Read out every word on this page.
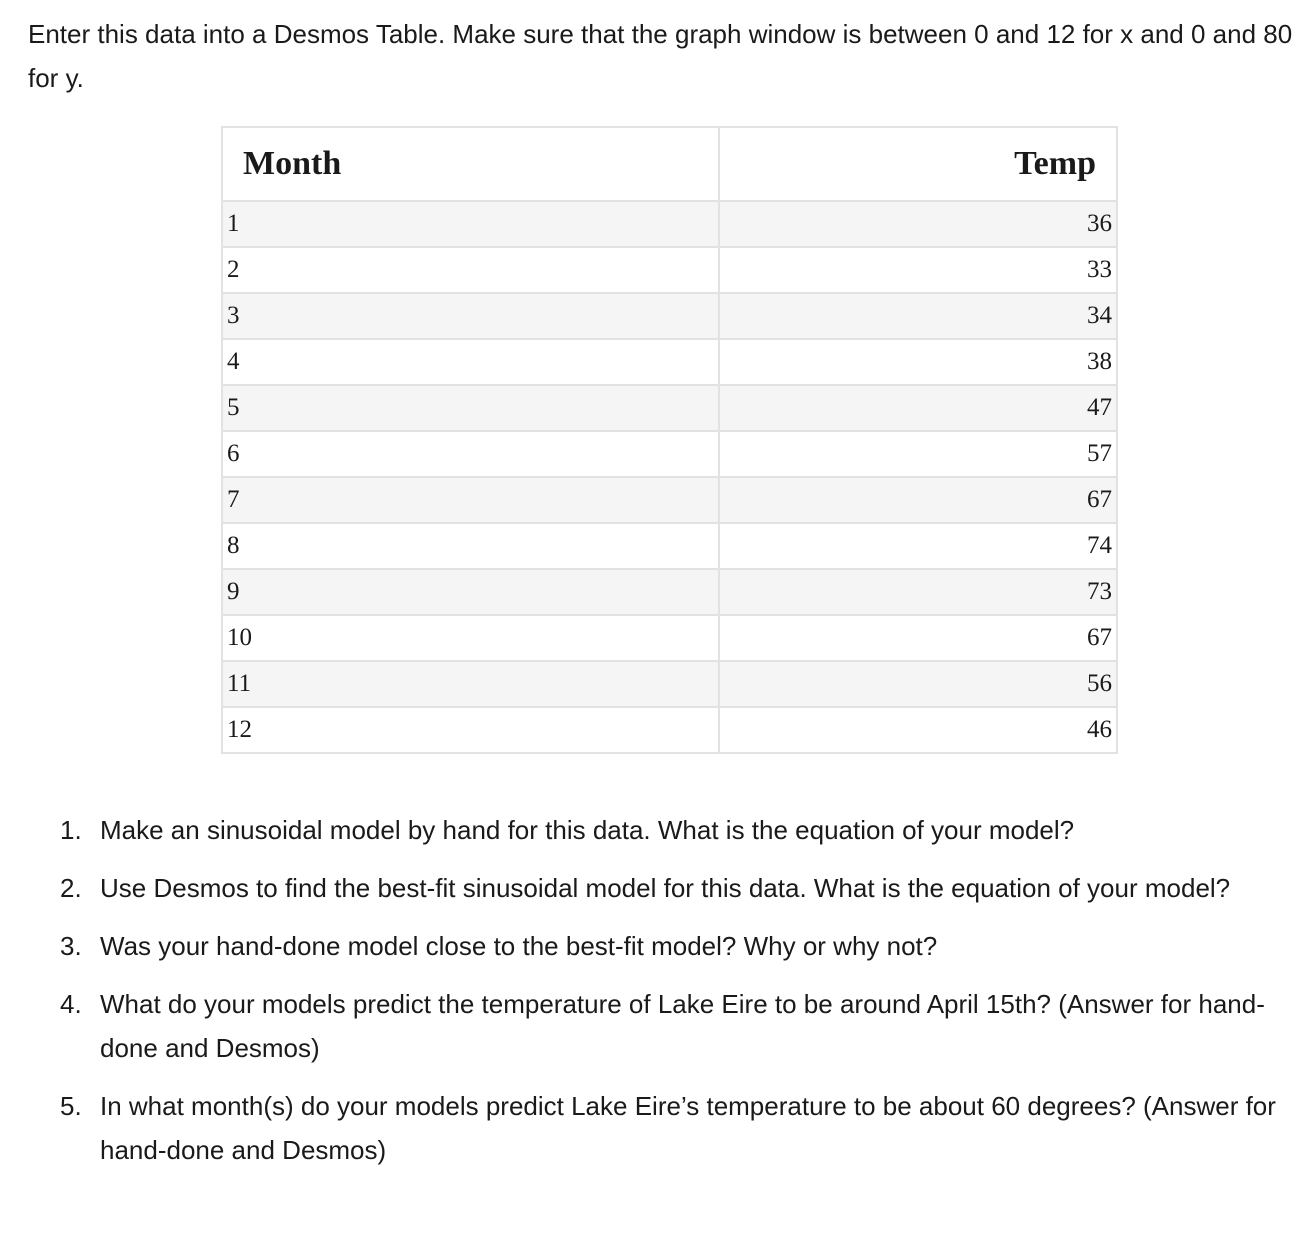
Enter this data into a Desmos Table. Make sure that the graph window is between 0 and 12 for x and 0 and 80 for y.

Month	Temp
1	36
2	33
3	34
4	38
5	47
6	57
7	67
8	74
9	73
10	67
11	56
12	46
1. Make an sinusoidal model by hand for this data. What is the equation of your model?
2. Use Desmos to find the best-fit sinusoidal model for this data. What is the equation of your model?
3. Was your hand-done model close to the best-fit model? Why or why not?
4. What do your models predict the temperature of Lake Eire to be around April 15th? (Answer for hand-done and Desmos)
5. In what month(s) do your models predict Lake Eire’s temperature to be about 60 degrees? (Answer for hand-done and Desmos)
